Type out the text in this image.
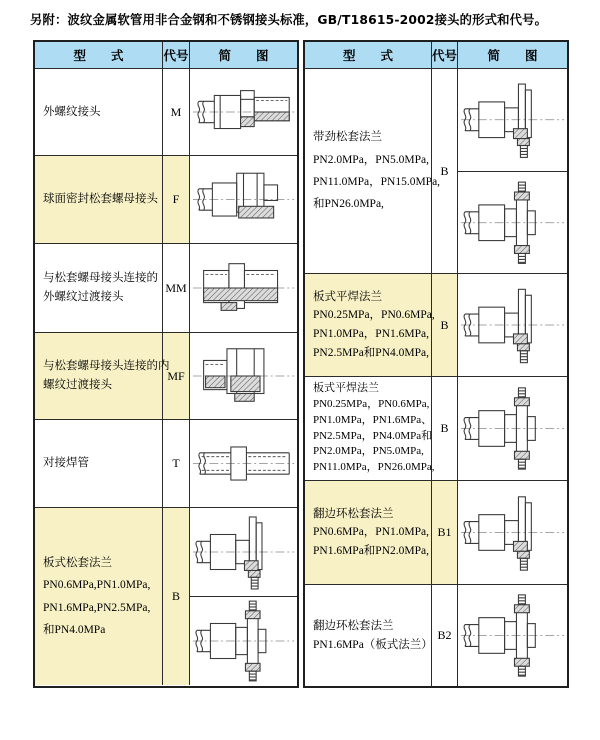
另附：波纹金属软管用非合金钢和不锈钢接头标准，GB/T18615-2002接头的形式和代号。
型　　式	代号	简　　图
外螺纹接头	M
球面密封松套螺母接头	F
与松套螺母接头连接的
外螺纹过渡接头
MM
与松套螺母接头连接的内
螺纹过渡接头
MF
对接焊管	T
板式松套法兰
PN0.6MPa,PN1.0MPa,
PN1.6MPa,PN2.5MPa,
和PN4.0MPa
B
型　　式	代号	简　　图
带劲松套法兰
PN2.0MPa，PN5.0MPa,
PN11.0MPa，PN15.0MPa,
和PN26.0MPa,
B
板式平焊法兰
PN0.25MPa，PN0.6MPa,
PN1.0MPa，PN1.6MPa,
PN2.5MPa和PN4.0MPa,
B
板式平焊法兰
PN0.25MPa，PN0.6MPa,
PN1.0MPa，PN1.6MPa、
PN2.5MPa，PN4.0MPa和
PN2.0MPa，PN5.0MPa,
PN11.0MPa，PN26.0MPa,
B
翻边环松套法兰
PN0.6MPa，PN1.0MPa,
PN1.6MPa和PN2.0MPa,
B1
翻边环松套法兰
PN1.6MPa（板式法兰）
B2
